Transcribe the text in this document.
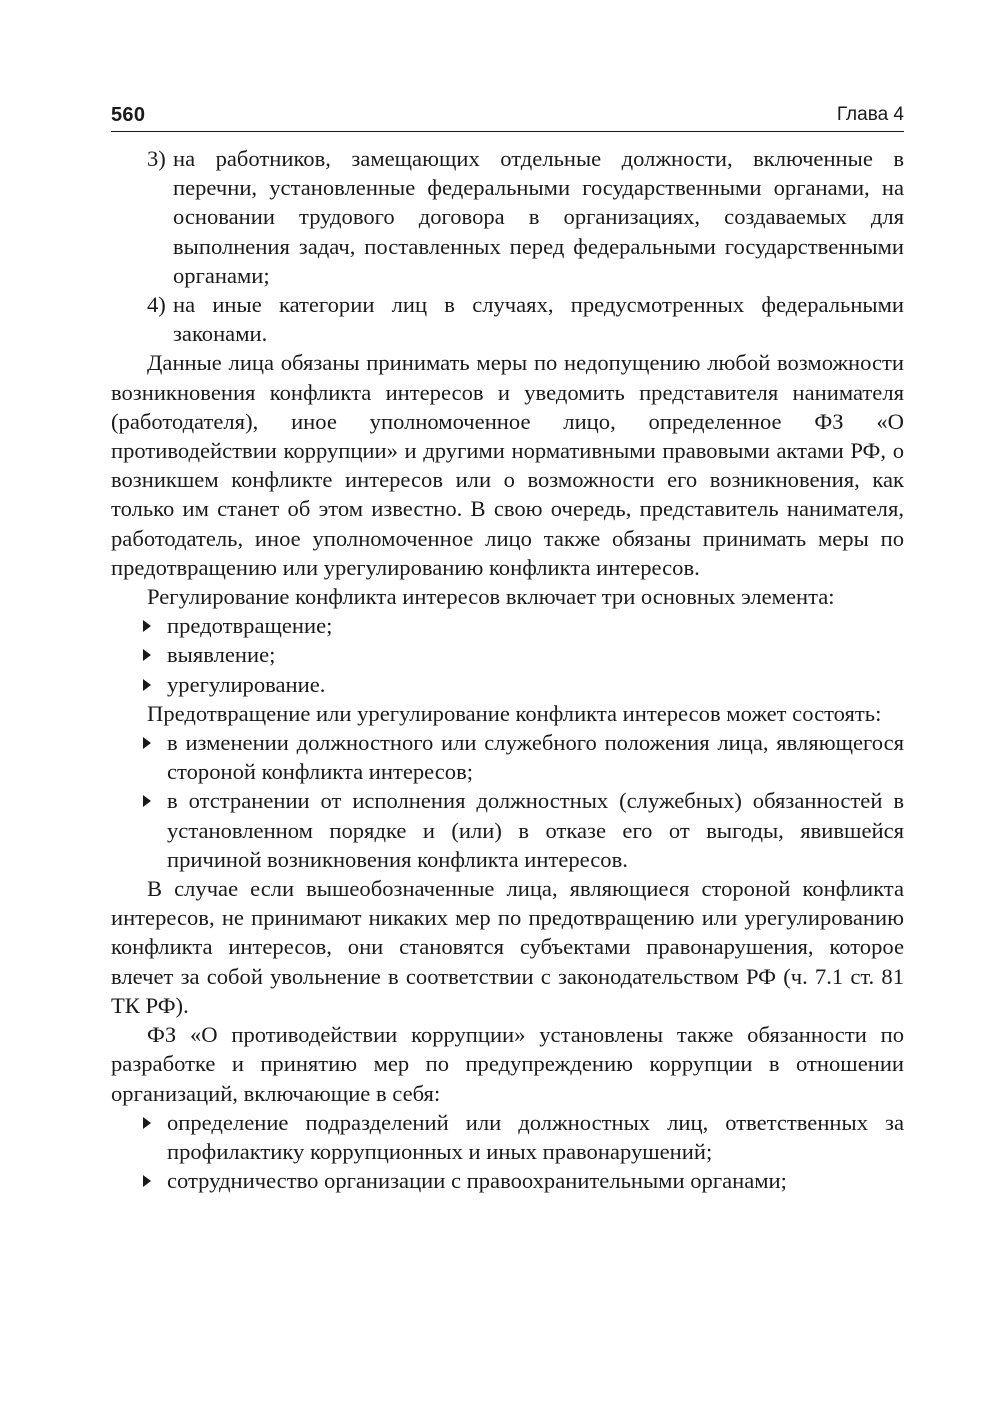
560	Глава 4

3) на работников, замещающих отдельные должности, включенные в перечни, установленные федеральными государственными органами, на основании трудового договора в организациях, создаваемых для выполнения задач, поставленных перед федеральными государственными органами;

4) на иные категории лиц в случаях, предусмотренных федеральными законами.

Данные лица обязаны принимать меры по недопущению любой возможности возникновения конфликта интересов и уведомить представителя нанимателя (работодателя), иное уполномоченное лицо, определенное ФЗ «О противодействии коррупции» и другими нормативными правовыми актами РФ, о возникшем конфликте интересов или о возможности его возникновения, как только им станет об этом известно. В свою очередь, представитель нанимателя, работодатель, иное уполномоченное лицо также обязаны принимать меры по предотвращению или урегулированию конфликта интересов.

Регулирование конфликта интересов включает три основных элемента:

предотвращение;

выявление;

урегулирование.

Предотвращение или урегулирование конфликта интересов может состоять:

в изменении должностного или служебного положения лица, являющегося стороной конфликта интересов;

в отстранении от исполнения должностных (служебных) обязанностей в установленном порядке и (или) в отказе его от выгоды, явившейся причиной возникновения конфликта интересов.

В случае если вышеобозначенные лица, являющиеся стороной конфликта интересов, не принимают никаких мер по предотвращению или урегулированию конфликта интересов, они становятся субъектами правонарушения, которое влечет за собой увольнение в соответствии с законодательством РФ (ч. 7.1 ст. 81 ТК РФ).

ФЗ «О противодействии коррупции» установлены также обязанности по разработке и принятию мер по предупреждению коррупции в отношении организаций, включающие в себя:

определение подразделений или должностных лиц, ответственных за профилактику коррупционных и иных правонарушений;

сотрудничество организации с правоохранительными органами;
